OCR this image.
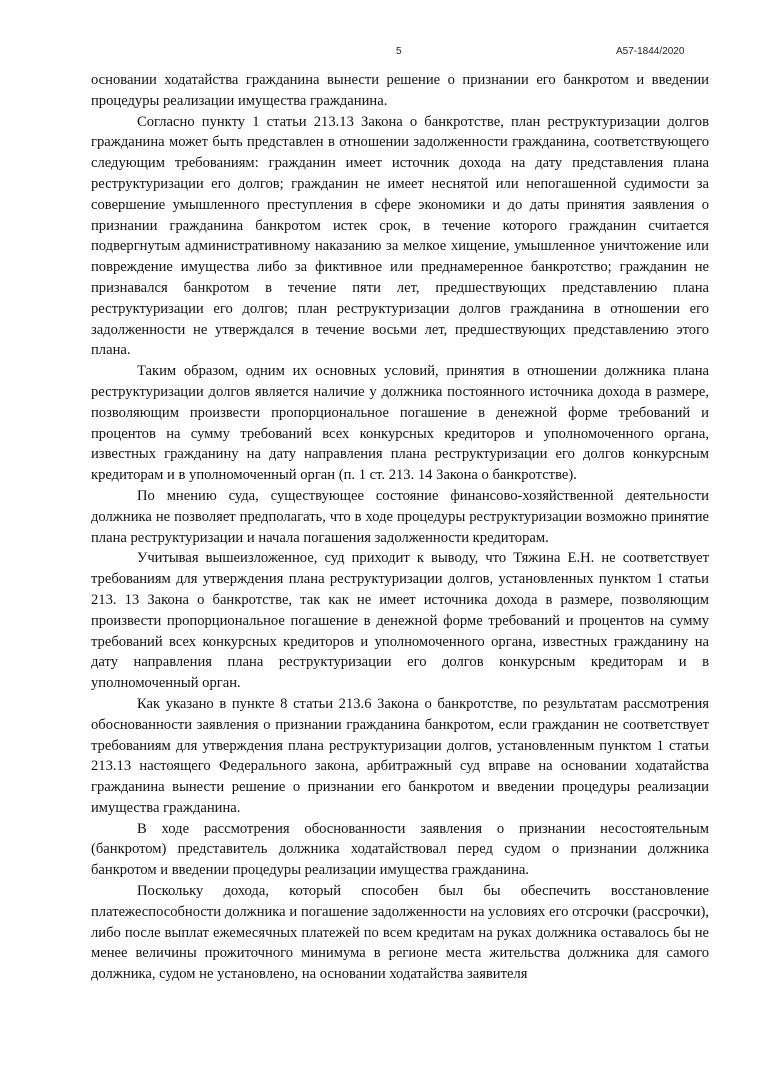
5	А57-1844/2020

основании ходатайства гражданина вынести решение о признании его банкротом и введении процедуры реализации имущества гражданина.

Согласно пункту 1 статьи 213.13 Закона о банкротстве, план реструктуризации долгов гражданина может быть представлен в отношении задолженности гражданина, соответствующего следующим требованиям: гражданин имеет источник дохода на дату представления плана реструктуризации его долгов; гражданин не имеет неснятой или непогашенной судимости за совершение умышленного преступления в сфере экономики и до даты принятия заявления о признании гражданина банкротом истек срок, в течение которого гражданин считается подвергнутым административному наказанию за мелкое хищение, умышленное уничтожение или повреждение имущества либо за фиктивное или преднамеренное банкротство; гражданин не признавался банкротом в течение пяти лет, предшествующих представлению плана реструктуризации его долгов; план реструктуризации долгов гражданина в отношении его задолженности не утверждался в течение восьми лет, предшествующих представлению этого плана.

Таким образом, одним их основных условий, принятия в отношении должника плана реструктуризации долгов является наличие у должника постоянного источника дохода в размере, позволяющим произвести пропорциональное погашение в денежной форме требований и процентов на сумму требований всех конкурсных кредиторов и уполномоченного органа, известных гражданину на дату направления плана реструктуризации его долгов конкурсным кредиторам и в уполномоченный орган (п. 1 ст. 213. 14 Закона о банкротстве).

По мнению суда, существующее состояние финансово-хозяйственной деятельности должника не позволяет предполагать, что в ходе процедуры реструктуризации возможно принятие плана реструктуризации и начала погашения задолженности кредиторам.

Учитывая вышеизложенное, суд приходит к выводу, что Тяжина Е.Н. не соответствует требованиям для утверждения плана реструктуризации долгов, установленных пунктом 1 статьи 213. 13 Закона о банкротстве, так как не имеет источника дохода в размере, позволяющим произвести пропорциональное погашение в денежной форме требований и процентов на сумму требований всех конкурсных кредиторов и уполномоченного органа, известных гражданину на дату направления плана реструктуризации его долгов конкурсным кредиторам и в уполномоченный орган.

Как указано в пункте 8 статьи 213.6 Закона о банкротстве, по результатам рассмотрения обоснованности заявления о признании гражданина банкротом, если гражданин не соответствует требованиям для утверждения плана реструктуризации долгов, установленным пунктом 1 статьи 213.13 настоящего Федерального закона, арбитражный суд вправе на основании ходатайства гражданина вынести решение о признании его банкротом и введении процедуры реализации имущества гражданина.

В ходе рассмотрения обоснованности заявления о признании несостоятельным (банкротом) представитель должника ходатайствовал перед судом о признании должника банкротом и введении процедуры реализации имущества гражданина.

Поскольку дохода, который способен был бы обеспечить восстановление платежеспособности должника и погашение задолженности на условиях его отсрочки (рассрочки), либо после выплат ежемесячных платежей по всем кредитам на руках должника оставалось бы не менее величины прожиточного минимума в регионе места жительства должника для самого должника, судом не установлено, на основании ходатайства заявителя
